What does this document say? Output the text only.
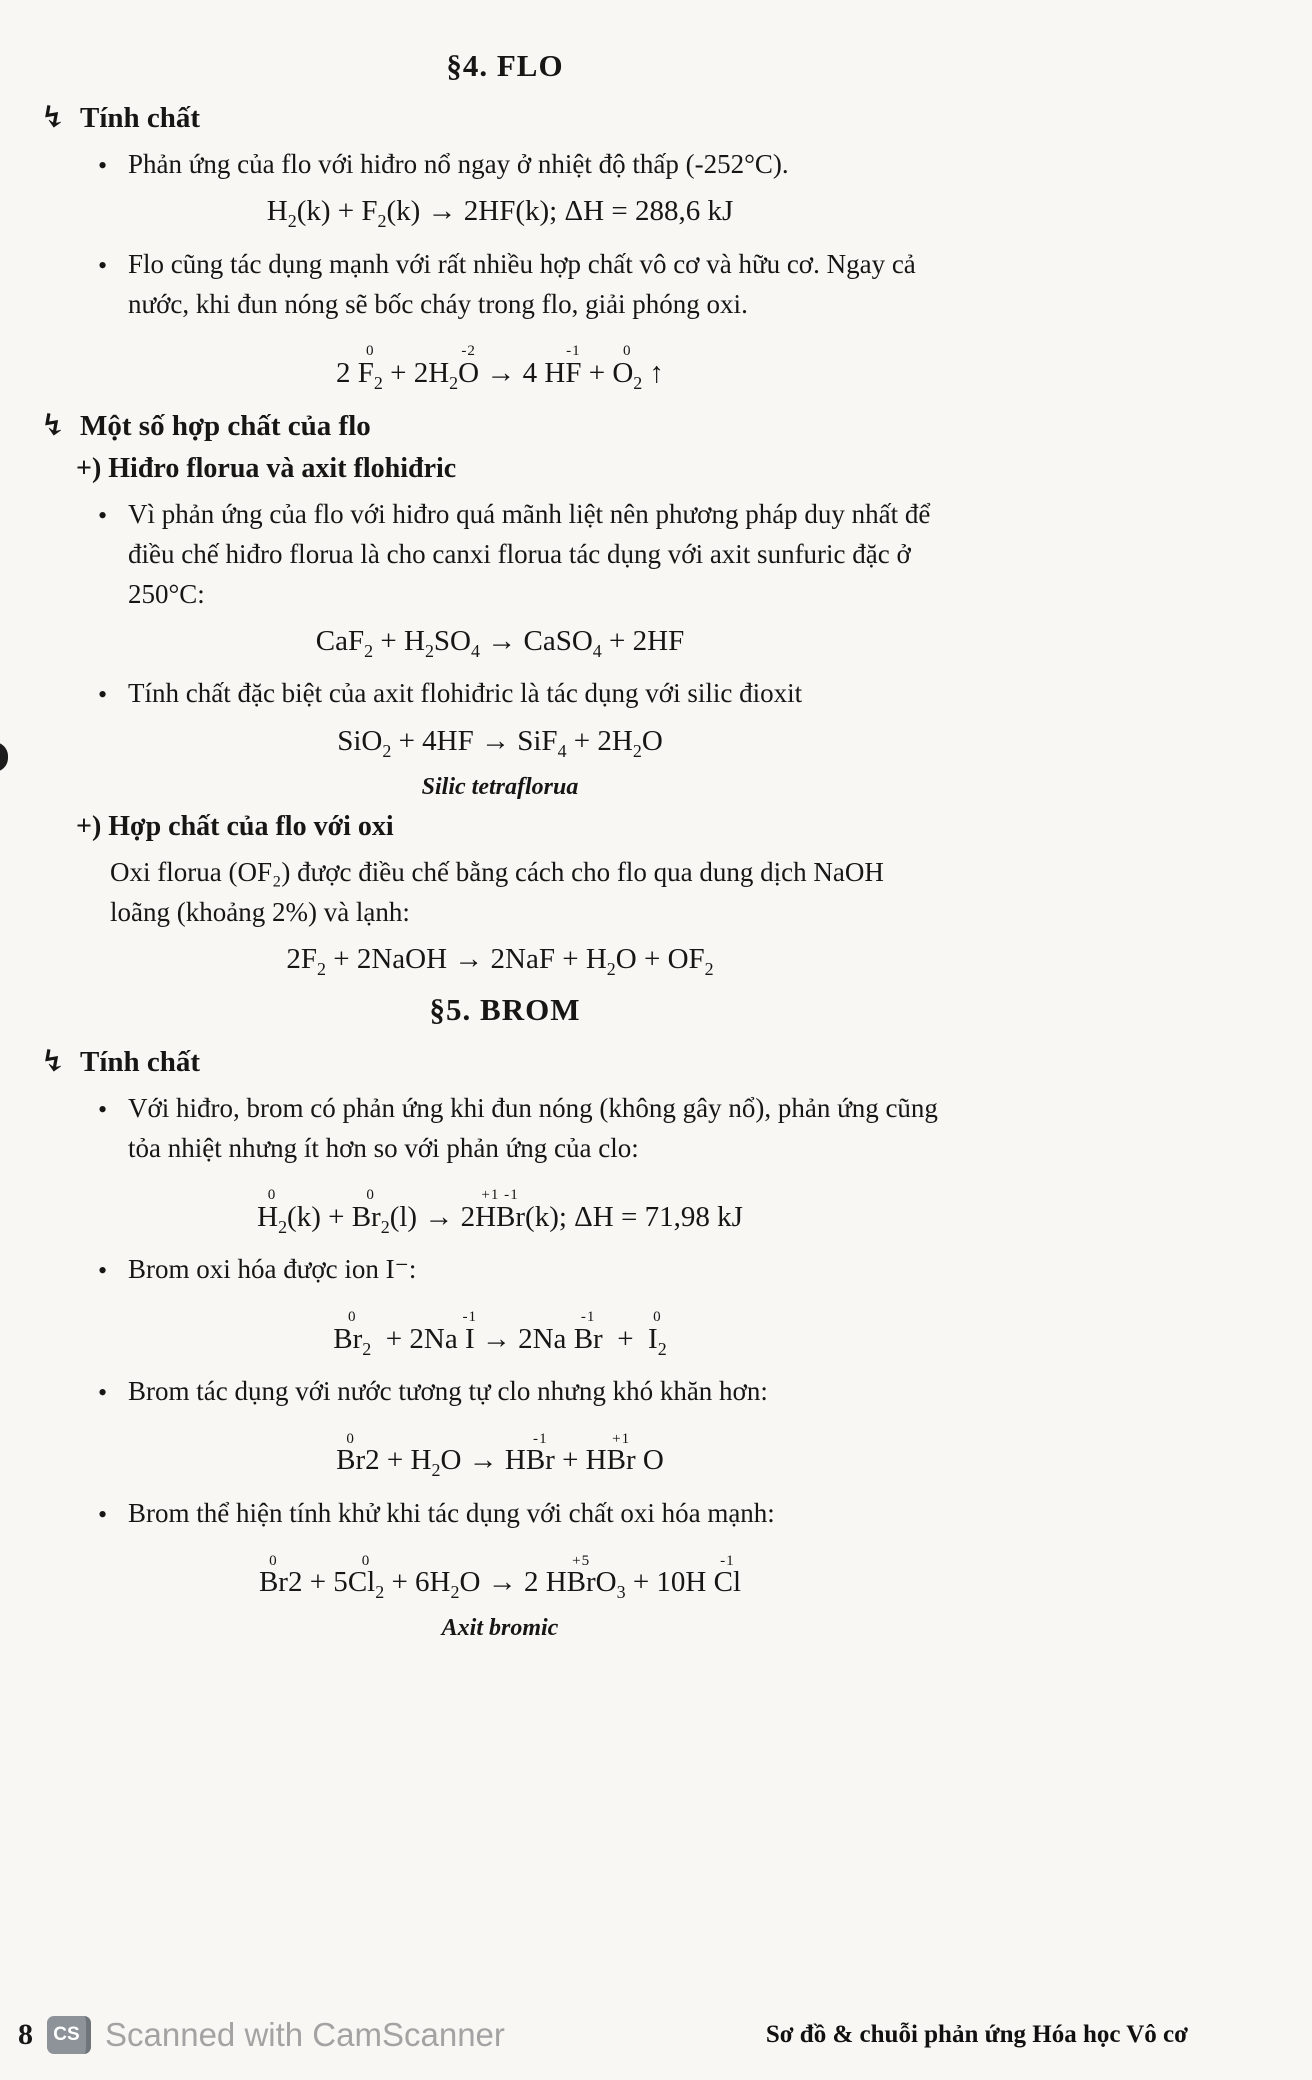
§4. FLO
↯ Tính chất
• Phản ứng của flo với hiđro nổ ngay ở nhiệt độ thấp (-252°C).
$H_2(k) + F_2(k) \to 2HF(k)$; ΔH = 288,6 kJ
• Flo cũng tác dụng mạnh với rất nhiều hợp chất vô cơ và hữu cơ. Ngay cả nước, khi đun nóng sẽ bốc cháy trong flo, giải phóng oxi.
2
0
$F_2 + 2H_2$
-2
O → 4 H
-1
F +
0
$O_2$ ↑
↯ Một số hợp chất của flo
+) Hiđro florua và axit flohiđric
• Vì phản ứng của flo với hiđro quá mãnh liệt nên phương pháp duy nhất để điều chế hiđro florua là cho canxi florua tác dụng với axit sunfuric đặc ở 250°C:
$CaF_2 + H_2SO_4$ → CaSO$_4$ + 2HF
• Tính chất đặc biệt của axit flohiđric là tác dụng với silic đioxit
$SiO_2 + 4HF \to SiF_4 + 2H_2O$
Silic tetraflorua
+) Hợp chất của flo với oxi
Oxi florua (OF₂) được điều chế bằng cách cho flo qua dung dịch NaOH loãng (khoảng 2%) và lạnh:
$2F_2$ + 2NaOH → $2NaF + H_2O + OF_2$
§5. BROM
↯ Tính chất
• Với hiđro, brom có phản ứng khi đun nóng (không gây nổ), phản ứng cũng tỏa nhiệt nhưng ít hơn so với phản ứng của clo:
0
$H_2(k)$ +
0
$Br_2(l) \to 2$
+1 -1
HBr(k); ΔH = 71,98 kJ
• Brom oxi hóa được ion I⁻:
0
$Br_2 + 2Na$
-1
I → 2Na
-1
Br  +
0
$I_2$
• Brom tác dụng với nước tương tự clo nhưng khó khăn hơn:
0
$Br2 + H_2O \to H$
-1
Br + H
+1
Br O
• Brom thể hiện tính khử khi tác dụng với chất oxi hóa mạnh:
0
Br2 + 5
0
$Cl_2 + 6H_2O \to 2$ H
+5
BrO$_3$ + 10H
-1
Cl
Axit bromic
8 CS Scanned with CamScanner	Sơ đồ & chuỗi phản ứng Hóa học Vô cơ
